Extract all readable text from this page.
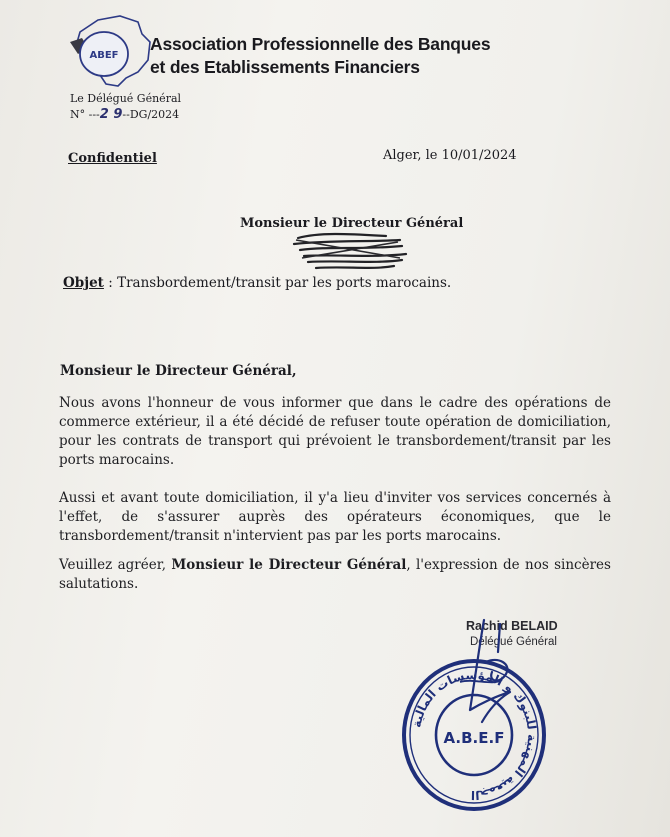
ABEF
Association Professionnelle des Banques
et des Etablissements Financiers
Le Délégué Général
N° ---2 9--DG/2024
Confidentiel	Alger, le 10/01/2024
Monsieur le Directeur Général
Objet : Transbordement/transit par les ports marocains.
Monsieur le Directeur Général,

Nous avons l'honneur de vous informer que dans le cadre des opérations de commerce extérieur, il a été décidé de refuser toute opération de domiciliation, pour les contrats de transport qui prévoient le transbordement/transit par les ports marocains.

Aussi et avant toute domiciliation, il y'a lieu d'inviter vos services concernés à l'effet, de s'assurer auprès des opérateurs économiques, que le transbordement/transit n'intervient pas par les ports marocains.

Veuillez agréer, Monsieur le Directeur Général, l'expression de nos sincères salutations.

Rachid BELAID
Délégué Général
الجمعية المهنية للبنوك و المؤسسات المالية
A.B.E.F
